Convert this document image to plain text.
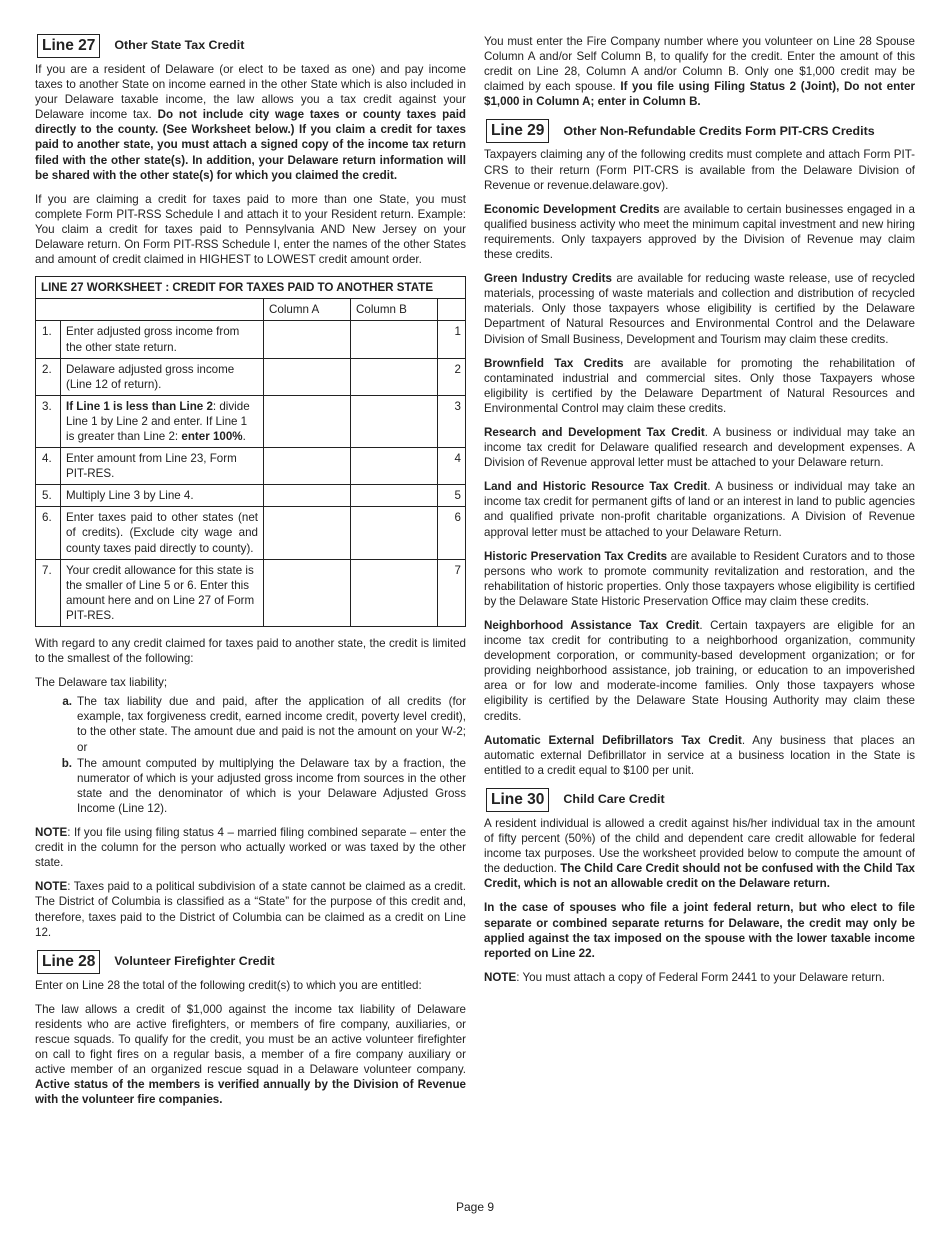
Line 27	Other State Tax Credit

If you are a resident of Delaware (or elect to be taxed as one) and pay income taxes to another State on income earned in the other State which is also included in your Delaware taxable income, the law allows you a tax credit against your Delaware income tax. Do not include city wage taxes or county taxes paid directly to the county. (See Worksheet below.) If you claim a credit for taxes paid to another state, you must attach a signed copy of the income tax return filed with the other state(s). In addition, your Delaware return information will be shared with the other state(s) for which you claimed the credit.

If you are claiming a credit for taxes paid to more than one State, you must complete Form PIT-RSS Schedule I and attach it to your Resident return. Example: You claim a credit for taxes paid to Pennsylvania AND New Jersey on your Delaware return. On Form PIT-RSS Schedule I, enter the names of the other States and amount of credit claimed in HIGHEST to LOWEST credit amount order.

LINE 27 WORKSHEET : CREDIT FOR TAXES PAID TO ANOTHER STATE				
		Column A	Column B	
1.	Enter adjusted gross income from the other state return.			1
2.	Delaware adjusted gross income (Line 12 of return).			2
3.	If Line 1 is less than Line 2: divide Line 1 by Line 2 and enter. If Line 1 is greater than Line 2: enter 100%.			3
4.	Enter amount from Line 23, Form PIT-RES.			4
5.	Multiply Line 3 by Line 4.			5
6.	Enter taxes paid to other states (net of credits). (Exclude city wage and county taxes paid directly to county).			6
7.	Your credit allowance for this state is the smaller of Line 5 or 6. Enter this amount here and on Line 27 of Form PIT-RES.			7

With regard to any credit claimed for taxes paid to another state, the credit is limited to the smallest of the following:

The Delaware tax liability;

a. The tax liability due and paid, after the application of all credits (for example, tax forgiveness credit, earned income credit, poverty level credit), to the other state. The amount due and paid is not the amount on your W-2; or
b. The amount computed by multiplying the Delaware tax by a fraction, the numerator of which is your adjusted gross income from sources in the other state and the denominator of which is your Delaware Adjusted Gross Income (Line 12).

NOTE: If you file using filing status 4 – married filing combined separate – enter the credit in the column for the person who actually worked or was taxed by the other state.

NOTE: Taxes paid to a political subdivision of a state cannot be claimed as a credit. The District of Columbia is classified as a “State” for the purpose of this credit and, therefore, taxes paid to the District of Columbia can be claimed as a credit on Line 12.

Line 28	Volunteer Firefighter Credit

Enter on Line 28 the total of the following credit(s) to which you are entitled:

The law allows a credit of $1,000 against the income tax liability of Delaware residents who are active firefighters, or members of fire company, auxiliaries, or rescue squads. To qualify for the credit, you must be an active volunteer firefighter on call to fight fires on a regular basis, a member of a fire company auxiliary or active member of an organized rescue squad in a Delaware volunteer company. Active status of the members is verified annually by the Division of Revenue with the volunteer fire companies.

You must enter the Fire Company number where you volunteer on Line 28 Spouse Column A and/or Self Column B, to qualify for the credit. Enter the amount of this credit on Line 28, Column A and/or Column B. Only one $1,000 credit may be claimed by each spouse. If you file using Filing Status 2 (Joint), Do not enter $1,000 in Column A; enter in Column B.

Line 29	Other Non-Refundable Credits Form PIT-CRS Credits

Taxpayers claiming any of the following credits must complete and attach Form PIT-CRS to their return (Form PIT-CRS is available from the Delaware Division of Revenue or revenue.delaware.gov).

Economic Development Credits are available to certain businesses engaged in a qualified business activity who meet the minimum capital investment and new hiring requirements. Only taxpayers approved by the Division of Revenue may claim these credits.

Green Industry Credits are available for reducing waste release, use of recycled materials, processing of waste materials and collection and distribution of recycled materials. Only those taxpayers whose eligibility is certified by the Delaware Department of Natural Resources and Environmental Control and the Delaware Division of Small Business, Development and Tourism may claim these credits.

Brownfield Tax Credits are available for promoting the rehabilitation of contaminated industrial and commercial sites. Only those Taxpayers whose eligibility is certified by the Delaware Department of Natural Resources and Environmental Control may claim these credits.

Research and Development Tax Credit. A business or individual may take an income tax credit for Delaware qualified research and development expenses. A Division of Revenue approval letter must be attached to your Delaware return.

Land and Historic Resource Tax Credit. A business or individual may take an income tax credit for permanent gifts of land or an interest in land to public agencies and qualified private non-profit charitable organizations. A Division of Revenue approval letter must be attached to your Delaware Return.

Historic Preservation Tax Credits are available to Resident Curators and to those persons who work to promote community revitalization and restoration, and the rehabilitation of historic properties. Only those taxpayers whose eligibility is certified by the Delaware State Historic Preservation Office may claim these credits.

Neighborhood Assistance Tax Credit. Certain taxpayers are eligible for an income tax credit for contributing to a neighborhood organization, community development corporation, or community-based development organization; or for providing neighborhood assistance, job training, or education to an impoverished area or for low and moderate-income families. Only those taxpayers whose eligibility is certified by the Delaware State Housing Authority may claim these credits.

Automatic External Defibrillators Tax Credit. Any business that places an automatic external Defibrillator in service at a business location in the State is entitled to a credit equal to $100 per unit.

Line 30	Child Care Credit

A resident individual is allowed a credit against his/her individual tax in the amount of fifty percent (50%) of the child and dependent care credit allowable for federal income tax purposes. Use the worksheet provided below to compute the amount of the deduction. The Child Care Credit should not be confused with the Child Tax Credit, which is not an allowable credit on the Delaware return.

In the case of spouses who file a joint federal return, but who elect to file separate or combined separate returns for Delaware, the credit may only be applied against the tax imposed on the spouse with the lower taxable income reported on Line 22.

NOTE: You must attach a copy of Federal Form 2441 to your Delaware return.

Page 9
